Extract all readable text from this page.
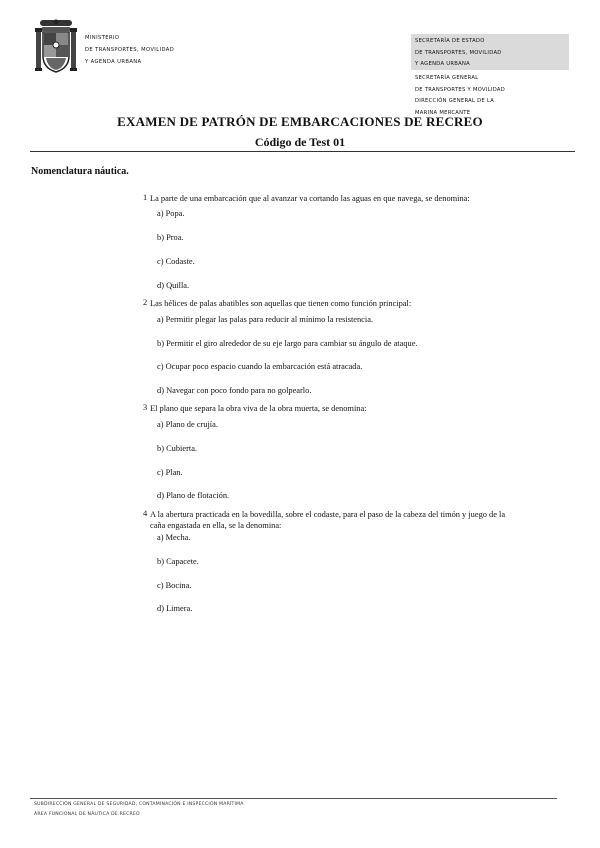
MINISTERIO
DE TRANSPORTES, MOVILIDAD
Y AGENDA URBANA
SECRETARÍA DE ESTADO
DE TRANSPORTES, MOVILIDAD
Y AGENDA URBANA
SECRETARÍA GENERAL
DE TRANSPORTES Y MOVILIDAD
DIRECCIÓN GENERAL DE LA
MARINA MERCANTE
EXAMEN DE PATRÓN DE EMBARCACIONES DE RECREO
Código de Test 01
Nomenclatura náutica.
1 La parte de una embarcación que al avanzar va cortando las aguas en que navega, se denomina:
a) Popa.
b) Proa.
c) Codaste.
d) Quilla.
2 Las hélices de palas abatibles son aquellas que tienen como función principal:
a) Permitir plegar las palas para reducir al mínimo la resistencia.
b) Permitir el giro alrededor de su eje largo para cambiar su ángulo de ataque.
c) Ocupar poco espacio cuando la embarcación está atracada.
d) Navegar con poco fondo para no golpearlo.
3 El plano que separa la obra viva de la obra muerta, se denomina:
a) Plano de crujía.
b) Cubierta.
c) Plan.
d) Plano de flotación.
4 A la abertura practicada en la bovedilla, sobre el codaste, para el paso de la cabeza del timón y juego de la caña engastada en ella, se la denomina:
a) Mecha.
b) Capacete.
c) Bocina.
d) Limera.
SUBDIRECCIÓN GENERAL DE SEGURIDAD, CONTAMINACIÓN E INSPECCIÓN MARÍTIMA
ÁREA FUNCIONAL DE NÁUTICA DE RECREO
